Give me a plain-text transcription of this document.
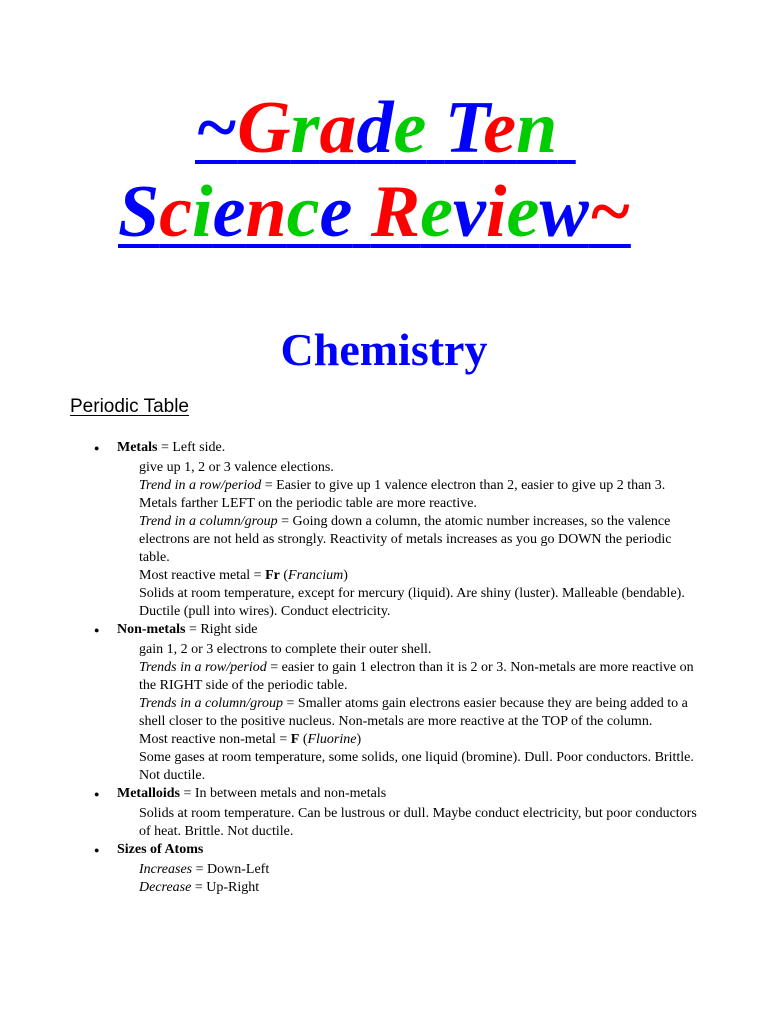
~Grade Ten
Science Review~
Chemistry
Periodic Table
● Metals = Left side.
give up 1, 2 or 3 valence elections.
Trend in a row/period = Easier to give up 1 valence electron than 2, easier to give up 2 than 3. Metals farther LEFT on the periodic table are more reactive.
Trend in a column/group = Going down a column, the atomic number increases, so the valence electrons are not held as strongly. Reactivity of metals increases as you go DOWN the periodic table.
Most reactive metal = Fr (Francium)
Solids at room temperature, except for mercury (liquid). Are shiny (luster). Malleable (bendable). Ductile (pull into wires). Conduct electricity.
● Non-metals = Right side
gain 1, 2 or 3 electrons to complete their outer shell.
Trends in a row/period = easier to gain 1 electron than it is 2 or 3. Non-metals are more reactive on the RIGHT side of the periodic table.
Trends in a column/group = Smaller atoms gain electrons easier because they are being added to a shell closer to the positive nucleus. Non-metals are more reactive at the TOP of the column.
Most reactive non-metal = F (Fluorine)
Some gases at room temperature, some solids, one liquid (bromine). Dull. Poor conductors. Brittle. Not ductile.
● Metalloids = In between metals and non-metals
Solids at room temperature. Can be lustrous or dull. Maybe conduct electricity, but poor conductors of heat. Brittle. Not ductile.
● Sizes of Atoms
Increases = Down-Left
Decrease = Up-Right
